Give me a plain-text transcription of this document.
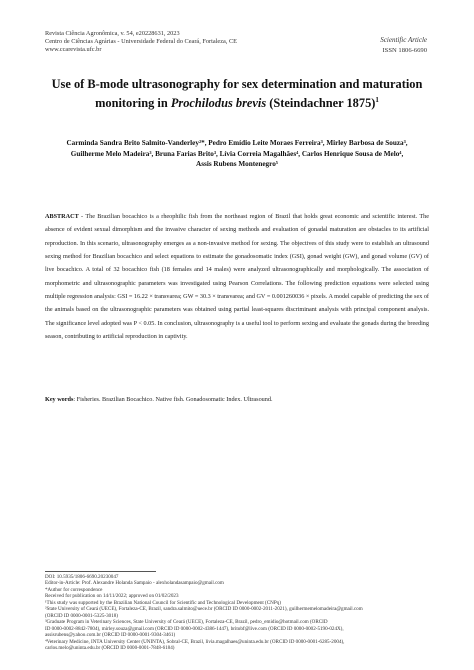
Revista Ciência Agronômica, v. 54, e20228631, 2023
Centro de Ciências Agrárias - Universidade Federal do Ceará, Fortaleza, CE
www.ccarevista.ufc.br
Scientific Article
ISSN 1806-6690
Use of B-mode ultrasonography for sex determination and maturation
monitoring in Prochilodus brevis (Steindachner 1875)$^1$
Carminda Sandra Brito Salmito-Vanderley²*, Pedro Emídio Leite Moraes Ferreira³, Mirley Barbosa de Souza³,
Guilherme Melo Madeira³, Bruna Farias Brito³, Lívia Correia Magalhães⁴, Carlos Henrique Sousa de Melo⁴,
Assis Rubens Montenegro⁵
ABSTRACT - The Brazilian bocachico is a rheophilic fish from the northeast region of Brazil that holds great economic and scientific interest. The absence of evident sexual dimorphism and the invasive character of sexing methods and evaluation of gonadal maturation are obstacles to its artificial reproduction. In this scenario, ultrasonography emerges as a non-invasive method for sexing. The objectives of this study were to establish an ultrasound sexing method for Brazilian bocachico and select equations to estimate the gonadosomatic index (GSI), gonad weight (GW), and gonad volume (GV) of live bocachico. A total of 32 bocachico fish (18 females and 14 males) were analyzed ultrasonographically and morphologically. The association of morphometric and ultrasonographic parameters was investigated using Pearson Correlations. The following prediction equations were selected using multiple regression analysis: GSI = 16.22 × transvarea; GW = 30.3 × transvarea; and GV = 0.001260036 × pixels. A model capable of predicting the sex of the animals based on the ultrasonographic parameters was obtained using partial least-squares discriminant analysis with principal component analysis. The significance level adopted was P < 0.05. In conclusion, ultrasonography is a useful tool to perform sexing and evaluate the gonads during the breeding season, contributing to artificial reproduction in captivity.
Key words: Fisheries. Brazilian Bocachico. Native fish. Gonadosomatic Index. Ultrasound.
DOI: 10.5935/1806-6690.20230047
Editor-in-Article: Prof. Alexandre Holanda Sampaio - alexholandasampaio@gmail.com
*Author for correspondence
Received for publication on 14/11/2022; approved on 01/02/2023
¹This study was supported by the Brazilian National Council for Scientific and Technological Development (CNPq)
²State University of Ceará (UECE), Fortaleza-CE, Brazil, sandra.salmito@uece.br (ORCID ID 0000-0002-2011-2021), guilhermemelomadeira@gmail.com
(ORCID ID 0000-0001-5325-3018)
³Graduate Program in Veterinary Sciences, State University of Ceará (UECE), Fortaleza-CE, Brazil, pedro_emidio@hotmail.com (ORCID
ID 0000-0002-8842-7804), mirley.souza@gmail.com (ORCID ID 0000-0002-4386-1447), britobf@live.com (ORCID ID 0000-0002-5190-024X),
assisrubens@yahoo.com.br (ORCID ID 0000-0001-9304-3461)
⁴Veterinary Medicine, INTA University Center (UNINTA), Sobral-CE, Brazil, livia.magalhaes@uninta.edu.br (ORCID ID 0000-0001-6285-2004),
carlos.melo@uninta.edu.br (ORCID ID 0000-0001-7848-6184)
